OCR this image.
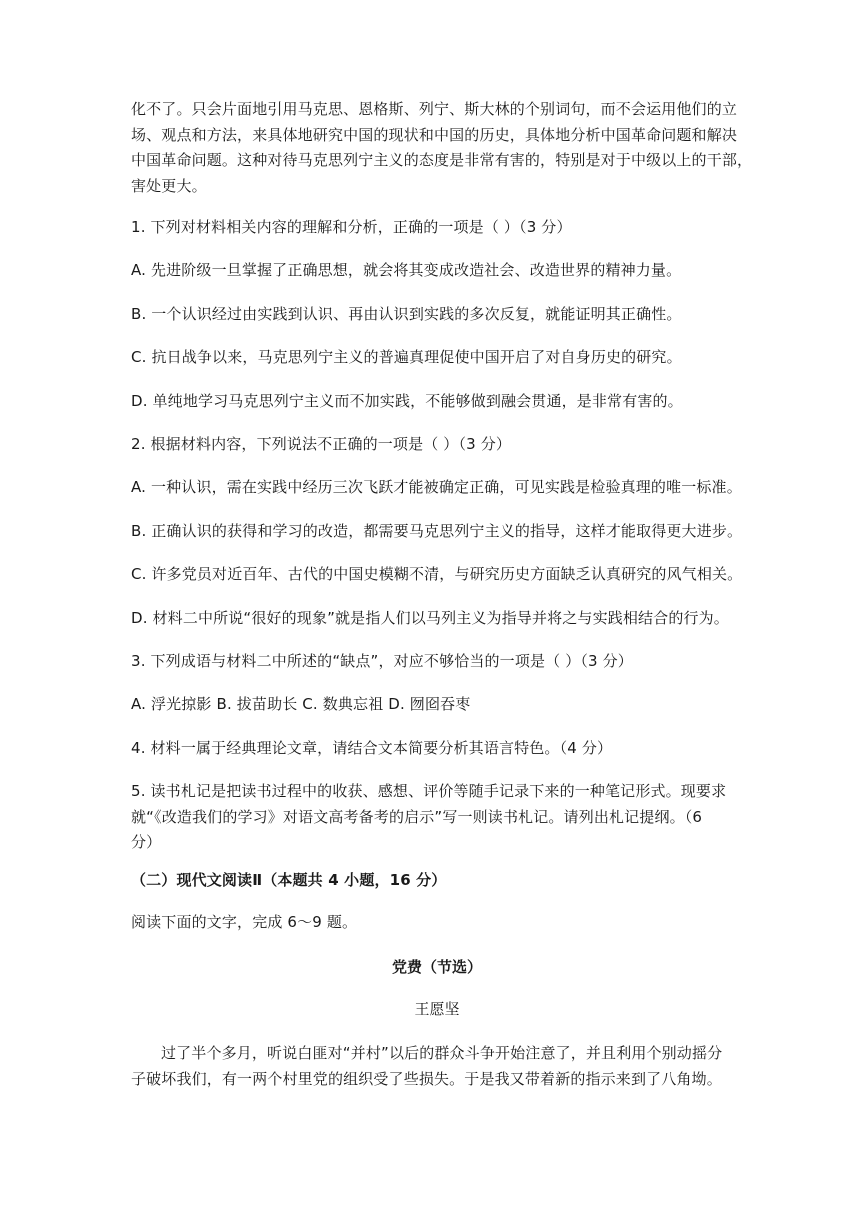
化不了。只会片面地引用马克思、恩格斯、列宁、斯大林的个别词句，而不会运用他们的立
场、观点和方法，来具体地研究中国的现状和中国的历史，具体地分析中国革命问题和解决
中国革命问题。这种对待马克思列宁主义的态度是非常有害的，特别是对于中级以上的干部，
害处更大。

1. 下列对材料相关内容的理解和分析，正确的一项是（ ）（3 分）

A. 先进阶级一旦掌握了正确思想，就会将其变成改造社会、改造世界的精神力量。

B. 一个认识经过由实践到认识、再由认识到实践的多次反复，就能证明其正确性。

C. 抗日战争以来，马克思列宁主义的普遍真理促使中国开启了对自身历史的研究。

D. 单纯地学习马克思列宁主义而不加实践，不能够做到融会贯通，是非常有害的。

2. 根据材料内容，下列说法不正确的一项是（ ）（3 分）

A. 一种认识，需在实践中经历三次飞跃才能被确定正确，可见实践是检验真理的唯一标准。

B. 正确认识的获得和学习的改造，都需要马克思列宁主义的指导，这样才能取得更大进步。

C. 许多党员对近百年、古代的中国史模糊不清，与研究历史方面缺乏认真研究的风气相关。

D. 材料二中所说“很好的现象”就是指人们以马列主义为指导并将之与实践相结合的行为。

3. 下列成语与材料二中所述的“缺点”，对应不够恰当的一项是（ ）（3 分）

A. 浮光掠影 B. 拔苗助长 C. 数典忘祖 D. 囫囵吞枣

4. 材料一属于经典理论文章，请结合文本简要分析其语言特色。（4 分）

5. 读书札记是把读书过程中的收获、感想、评价等随手记录下来的一种笔记形式。现要求
就“《改造我们的学习》对语文高考备考的启示”写一则读书札记。请列出札记提纲。（6
分）

（二）现代文阅读Ⅱ（本题共 4 小题，16 分）

阅读下面的文字，完成 6～9 题。

党费（节选）

王愿坚

过了半个多月，听说白匪对“并村”以后的群众斗争开始注意了，并且利用个别动摇分
子破坏我们，有一两个村里党的组织受了些损失。于是我又带着新的指示来到了八角坳。
